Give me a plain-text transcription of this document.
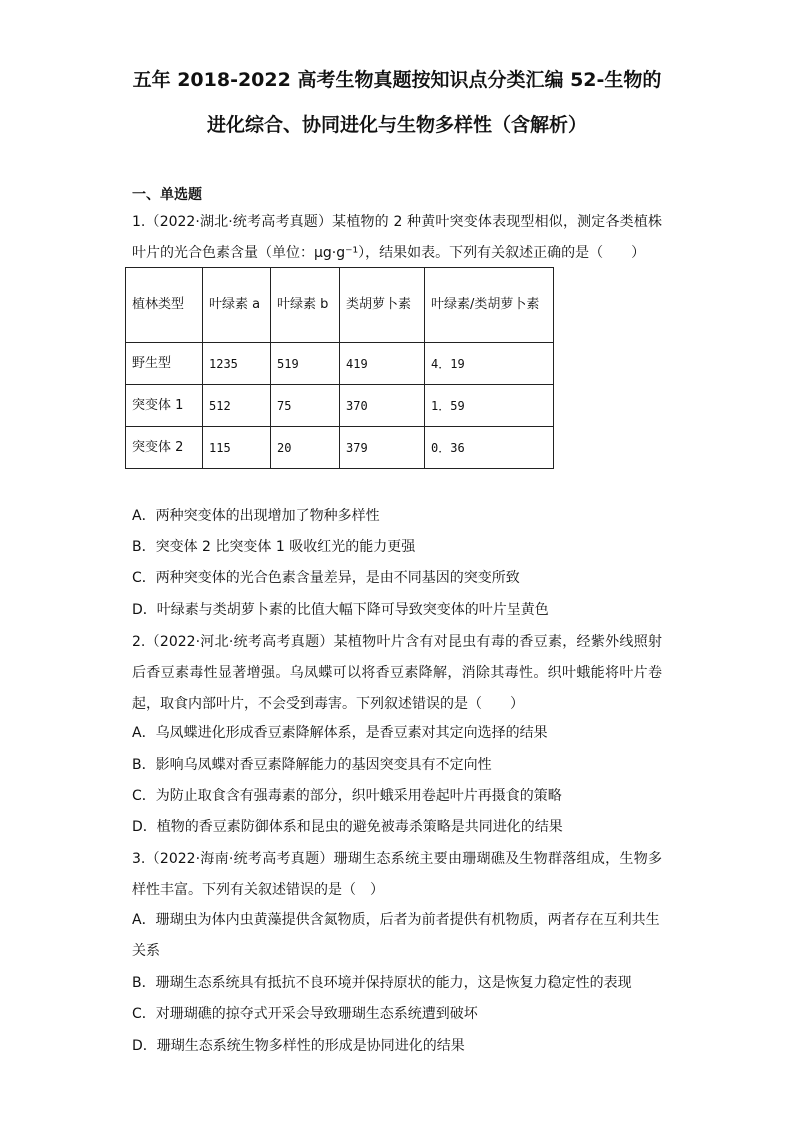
五年 2018-2022 高考生物真题按知识点分类汇编 52-生物的
进化综合、协同进化与生物多样性（含解析）
一、单选题
1.（2022·湖北·统考高考真题）某植物的 2 种黄叶突变体表现型相似，测定各类植株叶片的光合色素含量（单位：μg·g⁻¹），结果如表。下列有关叙述正确的是（　　）
植林类型	叶绿素 a	叶绿素 b	类胡萝卜素	叶绿素/类胡萝卜素
野生型	1235	519	419	4．19
突变体 1	512	75	370	1．59
突变体 2	115	20	379	0．36
A．两种突变体的出现增加了物种多样性
B．突变体 2 比突变体 1 吸收红光的能力更强
C．两种突变体的光合色素含量差异，是由不同基因的突变所致
D．叶绿素与类胡萝卜素的比值大幅下降可导致突变体的叶片呈黄色
2.（2022·河北·统考高考真题）某植物叶片含有对昆虫有毒的香豆素，经紫外线照射后香豆素毒性显著增强。乌凤蝶可以将香豆素降解，消除其毒性。织叶蛾能将叶片卷起，取食内部叶片，不会受到毒害。下列叙述错误的是（　　）
A．乌凤蝶进化形成香豆素降解体系，是香豆素对其定向选择的结果
B．影响乌凤蝶对香豆素降解能力的基因突变具有不定向性
C．为防止取食含有强毒素的部分，织叶蛾采用卷起叶片再摄食的策略
D．植物的香豆素防御体系和昆虫的避免被毒杀策略是共同进化的结果
3.（2022·海南·统考高考真题）珊瑚生态系统主要由珊瑚礁及生物群落组成，生物多样性丰富。下列有关叙述错误的是（　）
A．珊瑚虫为体内虫黄藻提供含氮物质，后者为前者提供有机物质，两者存在互利共生关系
B．珊瑚生态系统具有抵抗不良环境并保持原状的能力，这是恢复力稳定性的表现
C．对珊瑚礁的掠夺式开采会导致珊瑚生态系统遭到破坏
D．珊瑚生态系统生物多样性的形成是协同进化的结果
